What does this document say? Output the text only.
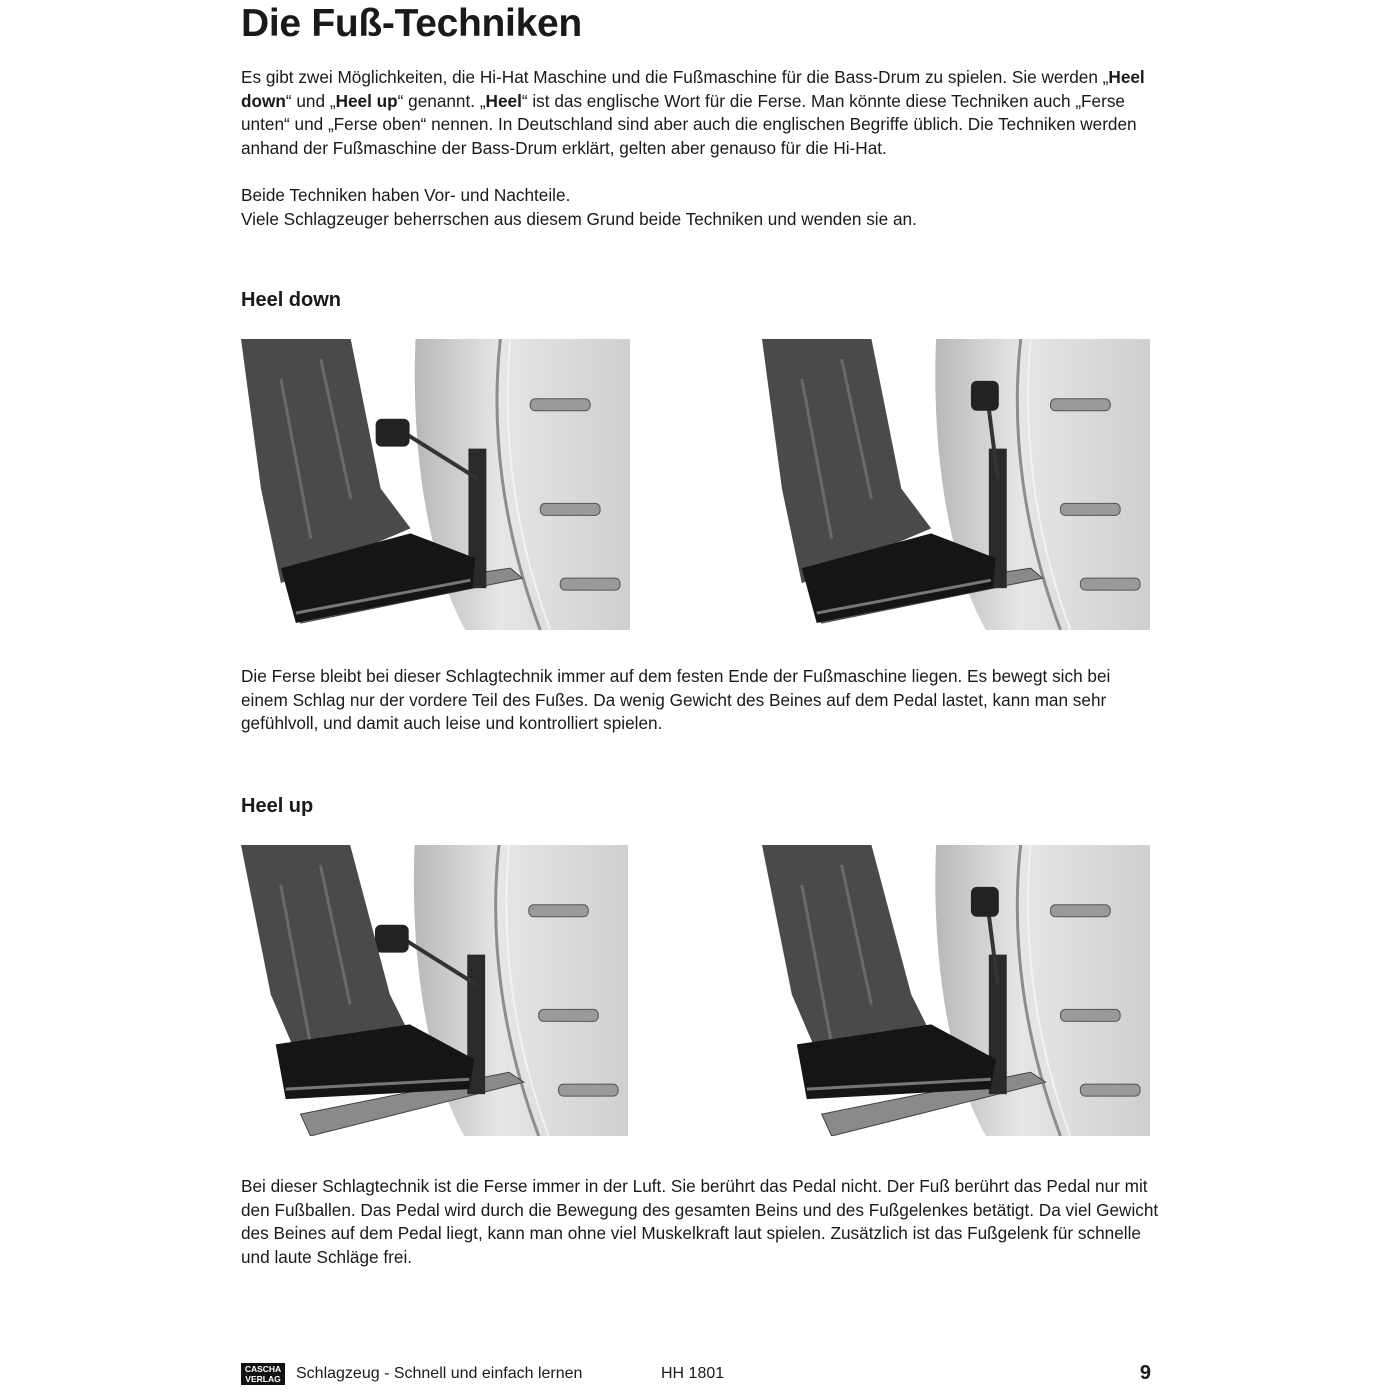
Die Fuß-Techniken

Es gibt zwei Möglichkeiten, die Hi-Hat Maschine und die Fußmaschine für die Bass-Drum zu spielen. Sie werden „Heel down“ und „Heel up“ genannt. „Heel“ ist das englische Wort für die Ferse. Man könnte diese Techniken auch „Ferse unten“ und „Ferse oben“ nennen. In Deutschland sind aber auch die englischen Begriffe üblich. Die Techniken werden anhand der Fußmaschine der Bass-Drum erklärt, gelten aber genauso für die Hi-Hat.

Beide Techniken haben Vor- und Nachteile.
Viele Schlagzeuger beherrschen aus diesem Grund beide Techniken und wenden sie an.

Heel down

Die Ferse bleibt bei dieser Schlagtechnik immer auf dem festen Ende der Fußmaschine liegen. Es bewegt sich bei einem Schlag nur der vordere Teil des Fußes. Da wenig Gewicht des Beines auf dem Pedal lastet, kann man sehr gefühlvoll, und damit auch leise und kontrolliert spielen.

Heel up

Bei dieser Schlagtechnik ist die Ferse immer in der Luft. Sie berührt das Pedal nicht. Der Fuß berührt das Pedal nur mit den Fußballen. Das Pedal wird durch die Bewegung des gesamten Beins und des Fußgelenkes betätigt. Da viel Gewicht des Beines auf dem Pedal liegt, kann man ohne viel Muskelkraft laut spielen. Zusätzlich ist das Fußgelenk für schnelle und laute Schläge frei.

CASCHA
VERLAG Schlagzeug - Schnell und einfach lernen	HH 1801	9
